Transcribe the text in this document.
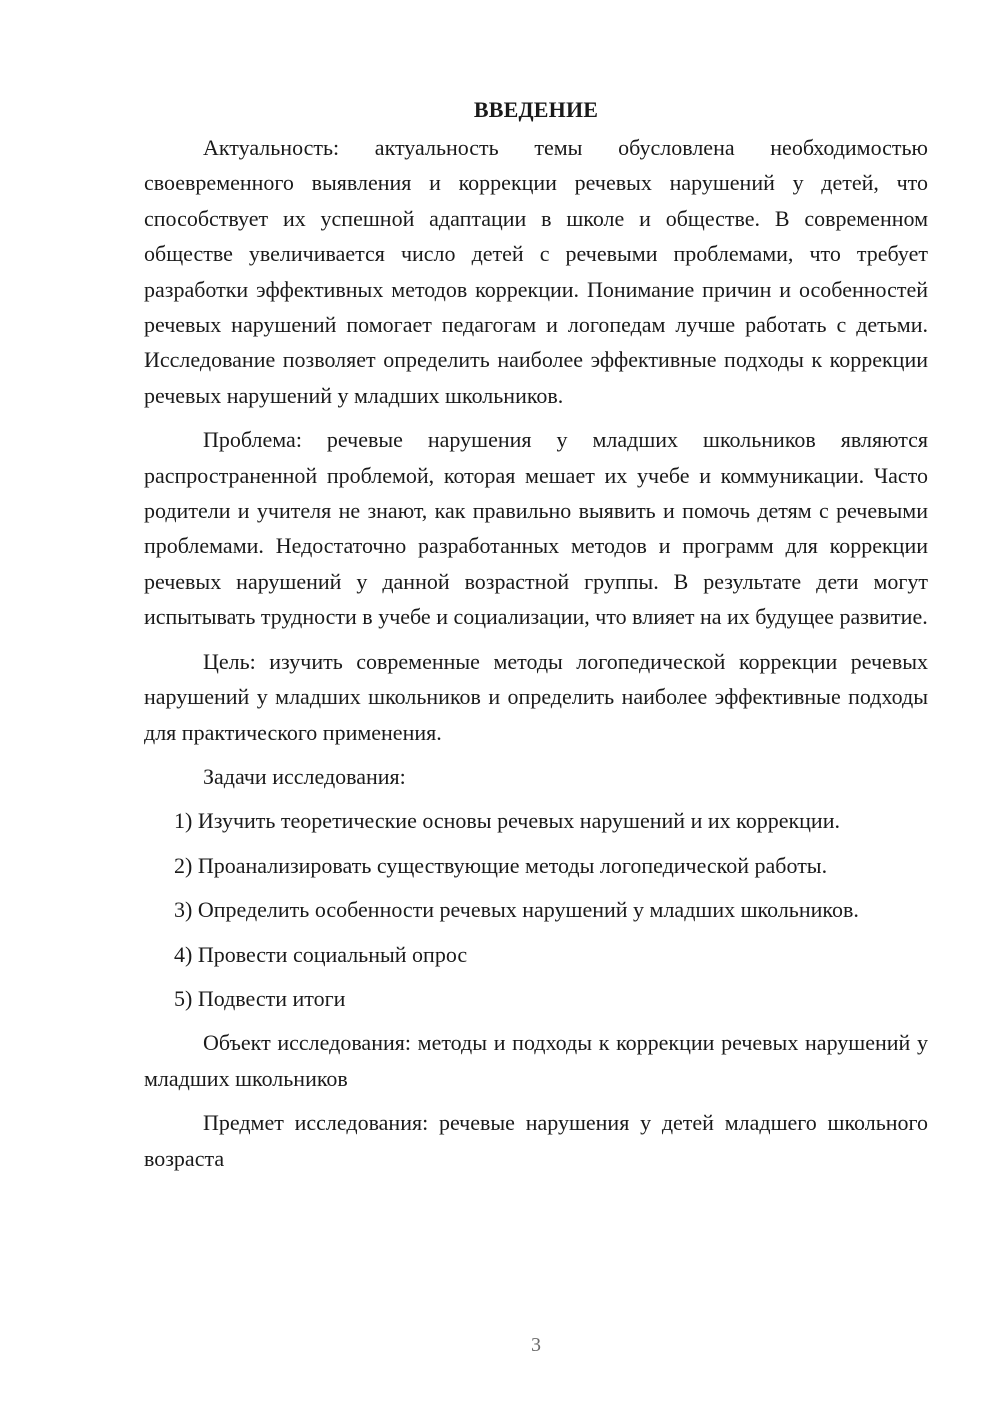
ВВЕДЕНИЕ

Актуальность: актуальность темы обусловлена необходимостью своевременного выявления и коррекции речевых нарушений у детей, что способствует их успешной адаптации в школе и обществе. В современном обществе увеличивается число детей с речевыми проблемами, что требует разработки эффективных методов коррекции. Понимание причин и особенностей речевых нарушений помогает педагогам и логопедам лучше работать с детьми. Исследование позволяет определить наиболее эффективные подходы к коррекции речевых нарушений у младших школьников.

Проблема: речевые нарушения у младших школьников являются распространенной проблемой, которая мешает их учебе и коммуникации. Часто родители и учителя не знают, как правильно выявить и помочь детям с речевыми проблемами. Недостаточно разработанных методов и программ для коррекции речевых нарушений у данной возрастной группы. В результате дети могут испытывать трудности в учебе и социализации, что влияет на их будущее развитие.

Цель: изучить современные методы логопедической коррекции речевых нарушений у младших школьников и определить наиболее эффективные подходы для практического применения.

Задачи исследования:

1) Изучить теоретические основы речевых нарушений и их коррекции.

2) Проанализировать существующие методы логопедической работы.

3) Определить особенности речевых нарушений у младших школьников.

4) Провести социальный опрос

5) Подвести итоги

Объект исследования: методы и подходы к коррекции речевых нарушений у младших школьников

Предмет исследования: речевые нарушения у детей младшего школьного возраста

3
